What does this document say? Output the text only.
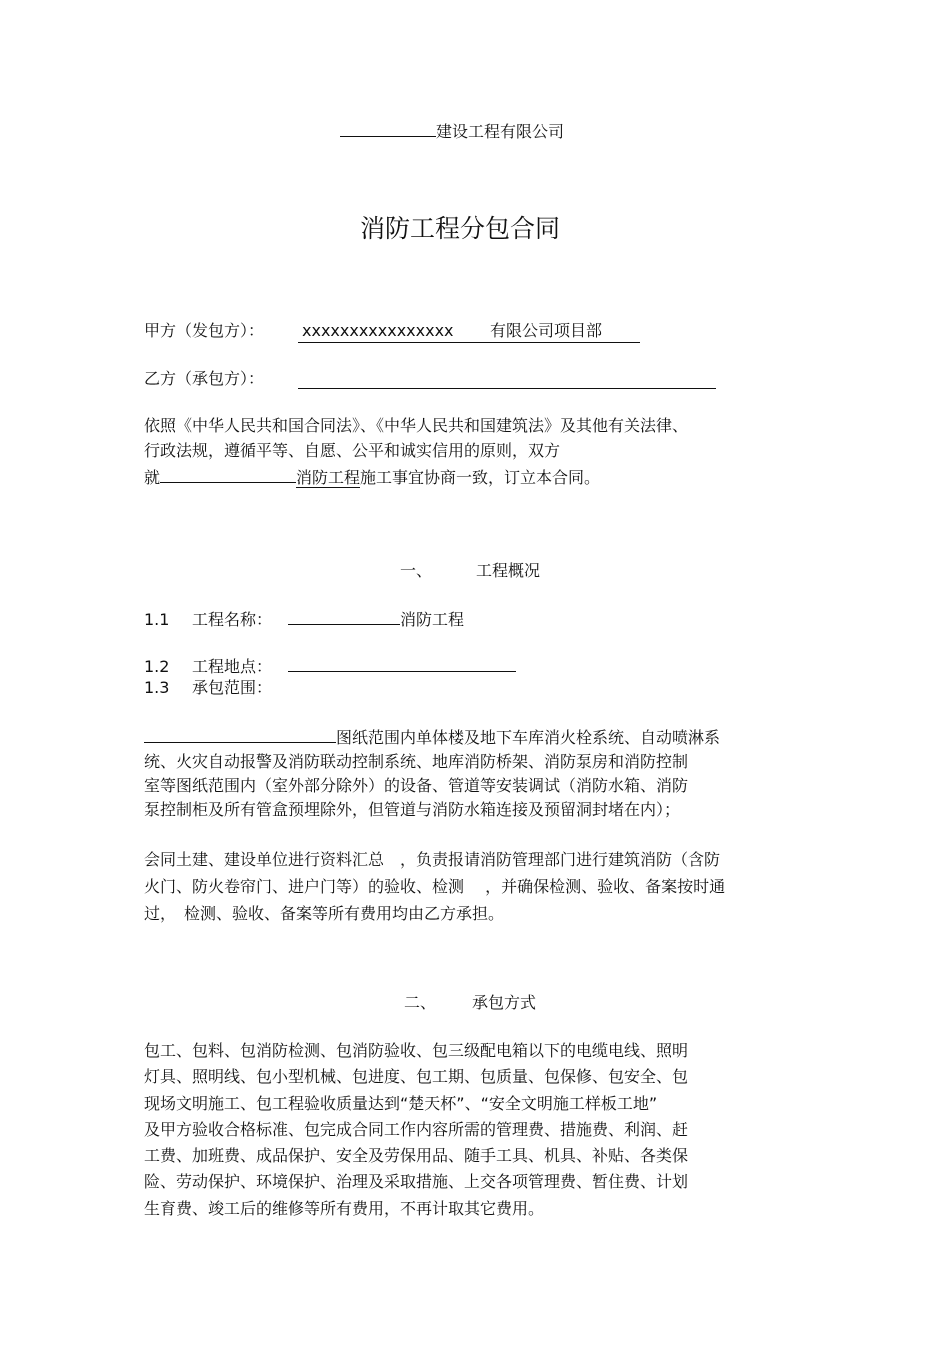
建设工程有限公司
消防工程分包合同
甲方（发包方）： xxxxxxxxxxxxxxxx 有限公司项目部
乙方（承包方）：
依照《中华人民共和国合同法》、《中华人民共和国建筑法》及其他有关法律、
行政法规，遵循平等、自愿、公平和诚实信用的原则，双方
就	消防工程施工事宜协商一致，订立本合同。
一、	工程概况
1.1 工程名称：	消防工程
1.2 工程地点：
1.3 承包范围：
图纸范围内单体楼及地下车库消火栓系统、自动喷淋系
统、火灾自动报警及消防联动控制系统、地库消防桥架、消防泵房和消防控制
室等图纸范围内（室外部分除外）的设备、管道等安装调试（消防水箱、消防
泵控制柜及所有管盒预埋除外，但管道与消防水箱连接及预留洞封堵在内）；
会同土建、建设单位进行资料汇总　，负责报请消防管理部门进行建筑消防（含防
火门、防火卷帘门、进户门等）的验收、检测　 ，并确保检测、验收、备案按时通
过，　检测、验收、备案等所有费用均由乙方承担。
二、 承包方式
包工、包料、包消防检测、包消防验收、包三级配电箱以下的电缆电线、照明
灯具、照明线、包小型机械、包进度、包工期、包质量、包保修、包安全、包
现场文明施工、包工程验收质量达到“楚天杯”、“安全文明施工样板工地”
及甲方验收合格标准、包完成合同工作内容所需的管理费、措施费、利润、赶
工费、加班费、成品保护、安全及劳保用品、随手工具、机具、补贴、各类保
险、劳动保护、环境保护、治理及采取措施、上交各项管理费、暂住费、计划
生育费、竣工后的维修等所有费用，不再计取其它费用。
